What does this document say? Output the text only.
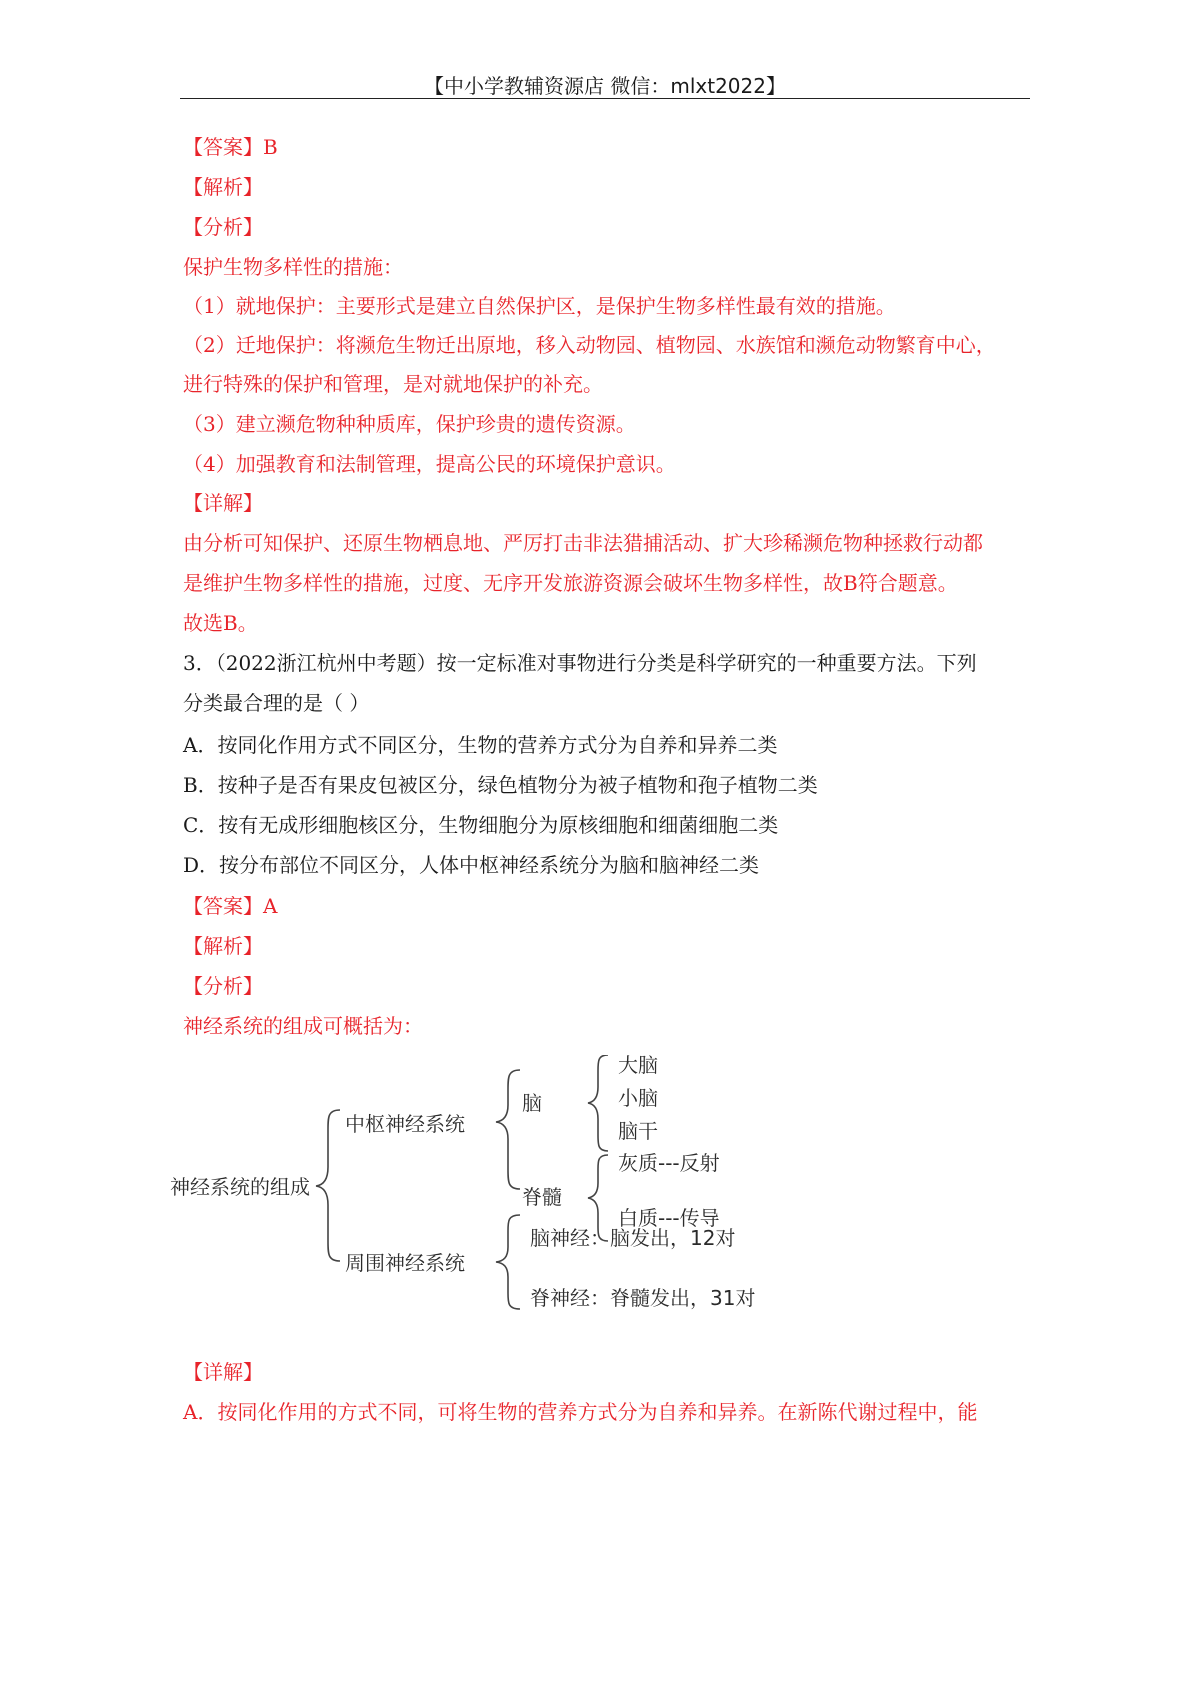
【中小学教辅资源店 微信：mlxt2022】
【答案】B
【解析】
【分析】
保护生物多样性的措施：
（1）就地保护：主要形式是建立自然保护区，是保护生物多样性最有效的措施。
（2）迁地保护：将濒危生物迁出原地，移入动物园、植物园、水族馆和濒危动物繁育中心，
进行特殊的保护和管理，是对就地保护的补充。
（3）建立濒危物种种质库，保护珍贵的遗传资源。
（4）加强教育和法制管理，提高公民的环境保护意识。
【详解】
由分析可知保护、还原生物栖息地、严厉打击非法猎捕活动、扩大珍稀濒危物种拯救行动都
是维护生物多样性的措施，过度、无序开发旅游资源会破坏生物多样性，故B符合题意。
故选B。
3．（2022浙江杭州中考题）按一定标准对事物进行分类是科学研究的一种重要方法。下列
分类最合理的是（ ）
A．按同化作用方式不同区分，生物的营养方式分为自养和异养二类
B．按种子是否有果皮包被区分，绿色植物分为被子植物和孢子植物二类
C．按有无成形细胞核区分，生物细胞分为原核细胞和细菌细胞二类
D．按分布部位不同区分，人体中枢神经系统分为脑和脑神经二类
【答案】A
【解析】
【分析】
神经系统的组成可概括为：
神经系统的组成
中枢神经系统
周围神经系统
脑
大脑
小脑
脑干
脊髓
灰质---反射
白质---传导
脑神经：脑发出，12对
脊神经：脊髓发出，31对
【详解】
A．按同化作用的方式不同，可将生物的营养方式分为自养和异养。在新陈代谢过程中，能
